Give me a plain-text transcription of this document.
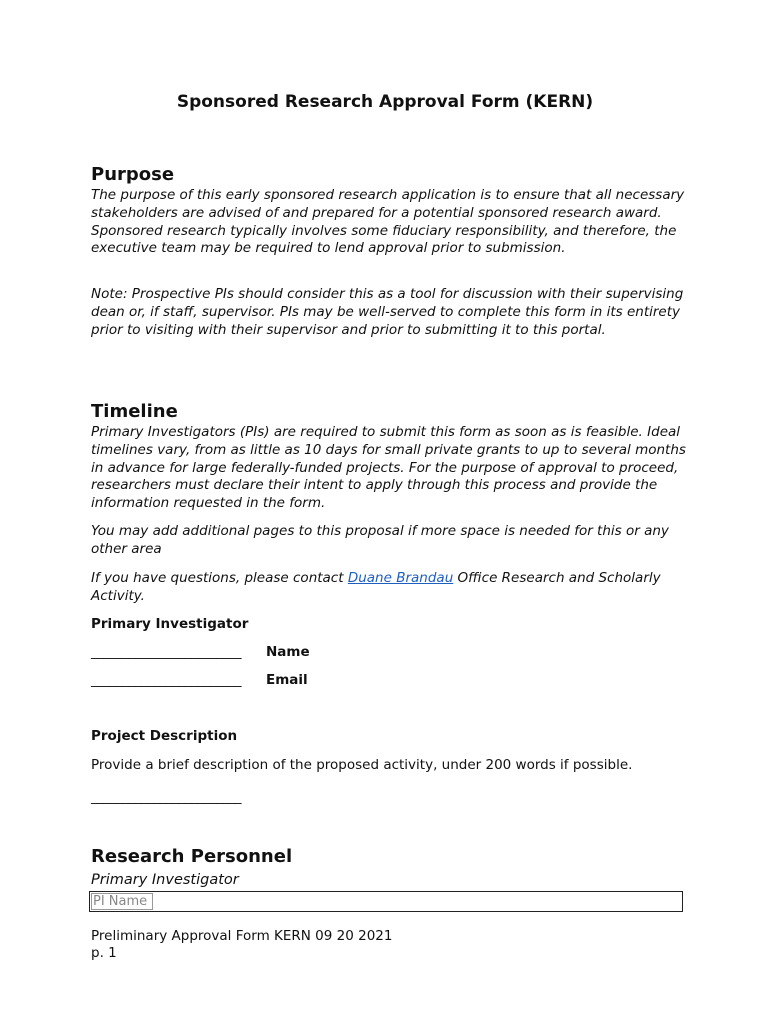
Sponsored Research Approval Form (KERN)
Purpose

The purpose of this early sponsored research application is to ensure that all necessary stakeholders are advised of and prepared for a potential sponsored research award. Sponsored research typically involves some fiduciary responsibility, and therefore, the executive team may be required to lend approval prior to submission.

Note: Prospective PIs should consider this as a tool for discussion with their supervising dean or, if staff, supervisor. PIs may be well-served to complete this form in its entirety prior to visiting with their supervisor and prior to submitting it to this portal.

Timeline

Primary Investigators (PIs) are required to submit this form as soon as is feasible. Ideal timelines vary, from as little as 10 days for small private grants to up to several months in advance for large federally-funded projects. For the purpose of approval to proceed, researchers must declare their intent to apply through this process and provide the information requested in the form.

You may add additional pages to this proposal if more space is needed for this or any other area

If you have questions, please contact Duane Brandau Office Research and Scholarly Activity.

Primary Investigator
________________________ Name
________________________ Email
Project Description
Provide a brief description of the proposed activity, under 200 words if possible.
________________________
Research Personnel
Primary Investigator
PI Name
Preliminary Approval Form KERN 09 20 2021
p. 1
